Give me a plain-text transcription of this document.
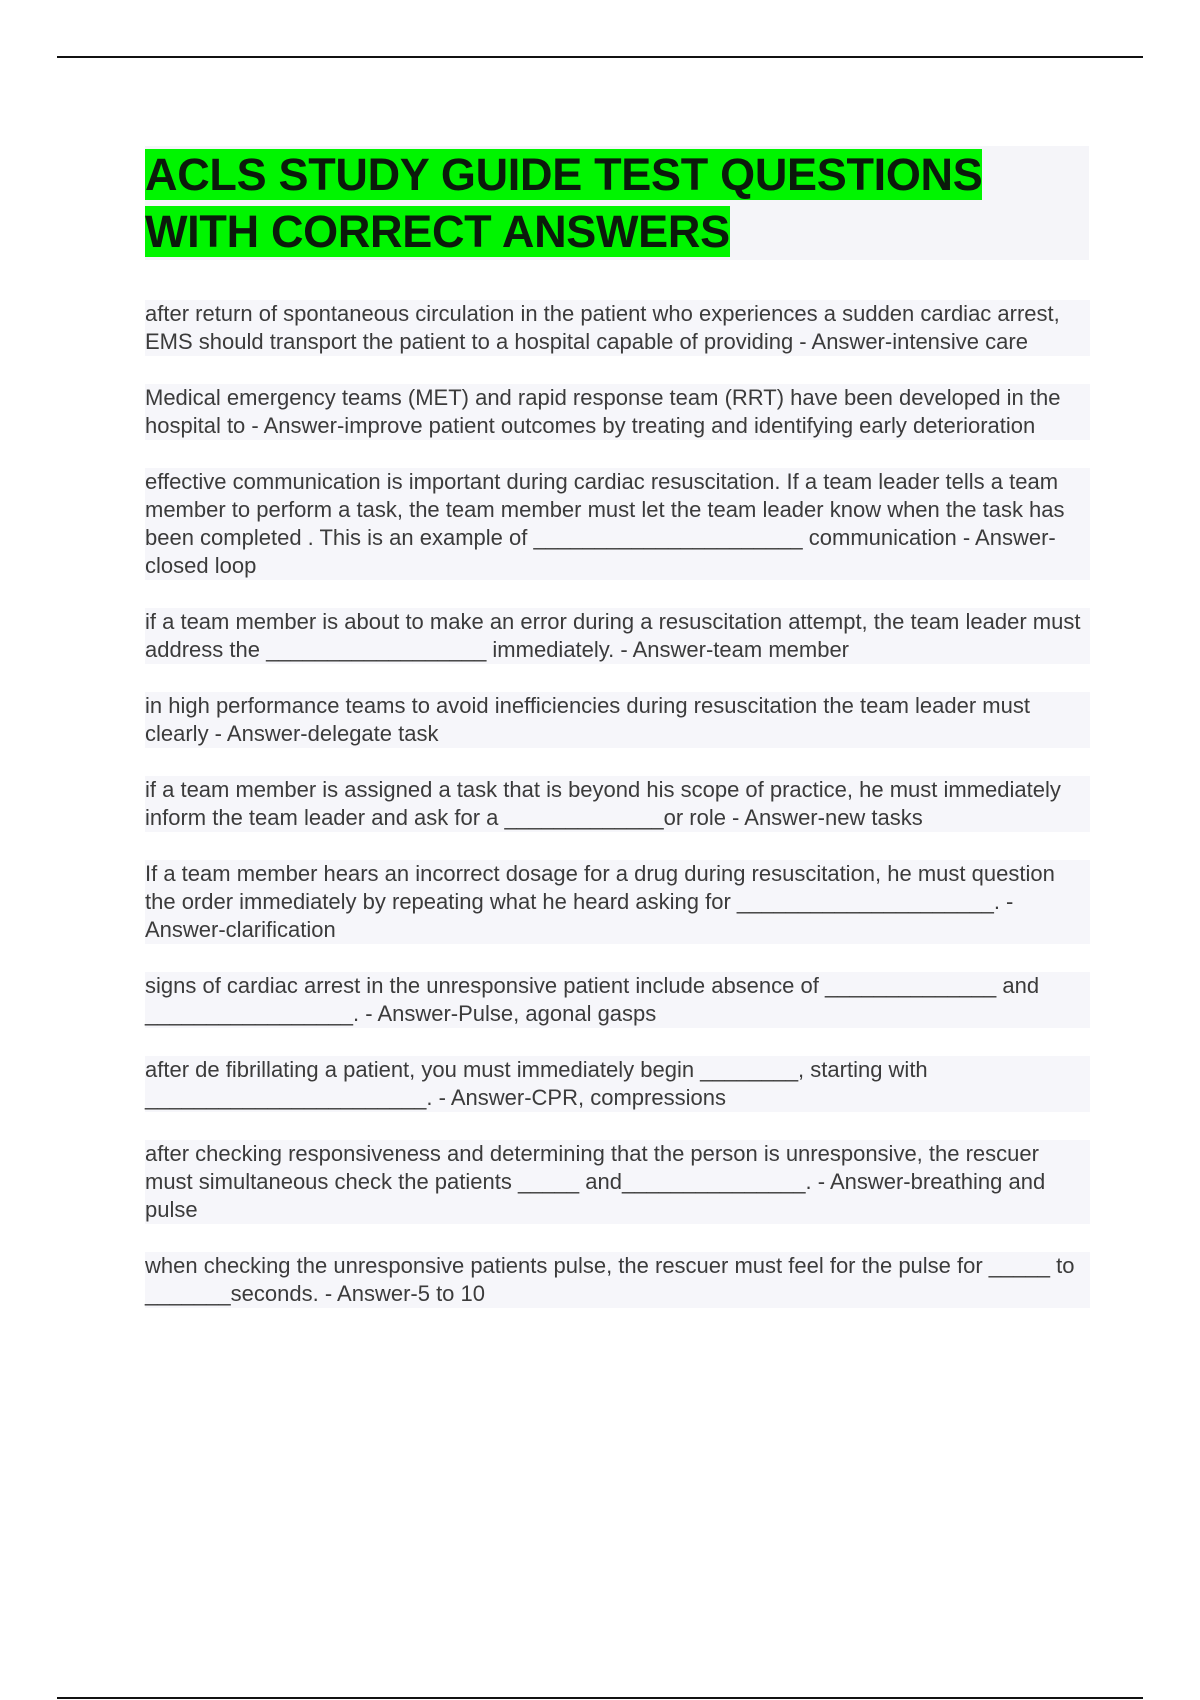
ACLS STUDY GUIDE TEST QUESTIONS
WITH CORRECT ANSWERS
after return of spontaneous circulation in the patient who experiences a sudden cardiac arrest, EMS should transport the patient to a hospital capable of providing - Answer-intensive care Medical emergency teams (MET) and rapid response team (RRT) have been developed in the hospital to - Answer-improve patient outcomes by treating and identifying early deterioration effective communication is important during cardiac resuscitation. If a team leader tells a team member to perform a task, the team member must let the team leader know when the task has been completed . This is an example of ______________________ communication - Answer-closed loop if a team member is about to make an error during a resuscitation attempt, the team leader must address the __________________ immediately. - Answer-team member in high performance teams to avoid inefficiencies during resuscitation the team leader must clearly - Answer-delegate task if a team member is assigned a task that is beyond his scope of practice, he must immediately inform the team leader and ask for a _____________or role - Answer-new tasks If a team member hears an incorrect dosage for a drug during resuscitation, he must question the order immediately by repeating what he heard asking for _____________________. - Answer-clarification signs of cardiac arrest in the unresponsive patient include absence of ______________ and _________________. - Answer-Pulse, agonal gasps after de fibrillating a patient, you must immediately begin ________, starting with _______________________. - Answer-CPR, compressions after checking responsiveness and determining that the person is unresponsive, the rescuer must simultaneous check the patients _____ and_______________. - Answer-breathing and pulse when checking the unresponsive patients pulse, the rescuer must feel for the pulse for _____ to _______seconds. - Answer-5 to 10
